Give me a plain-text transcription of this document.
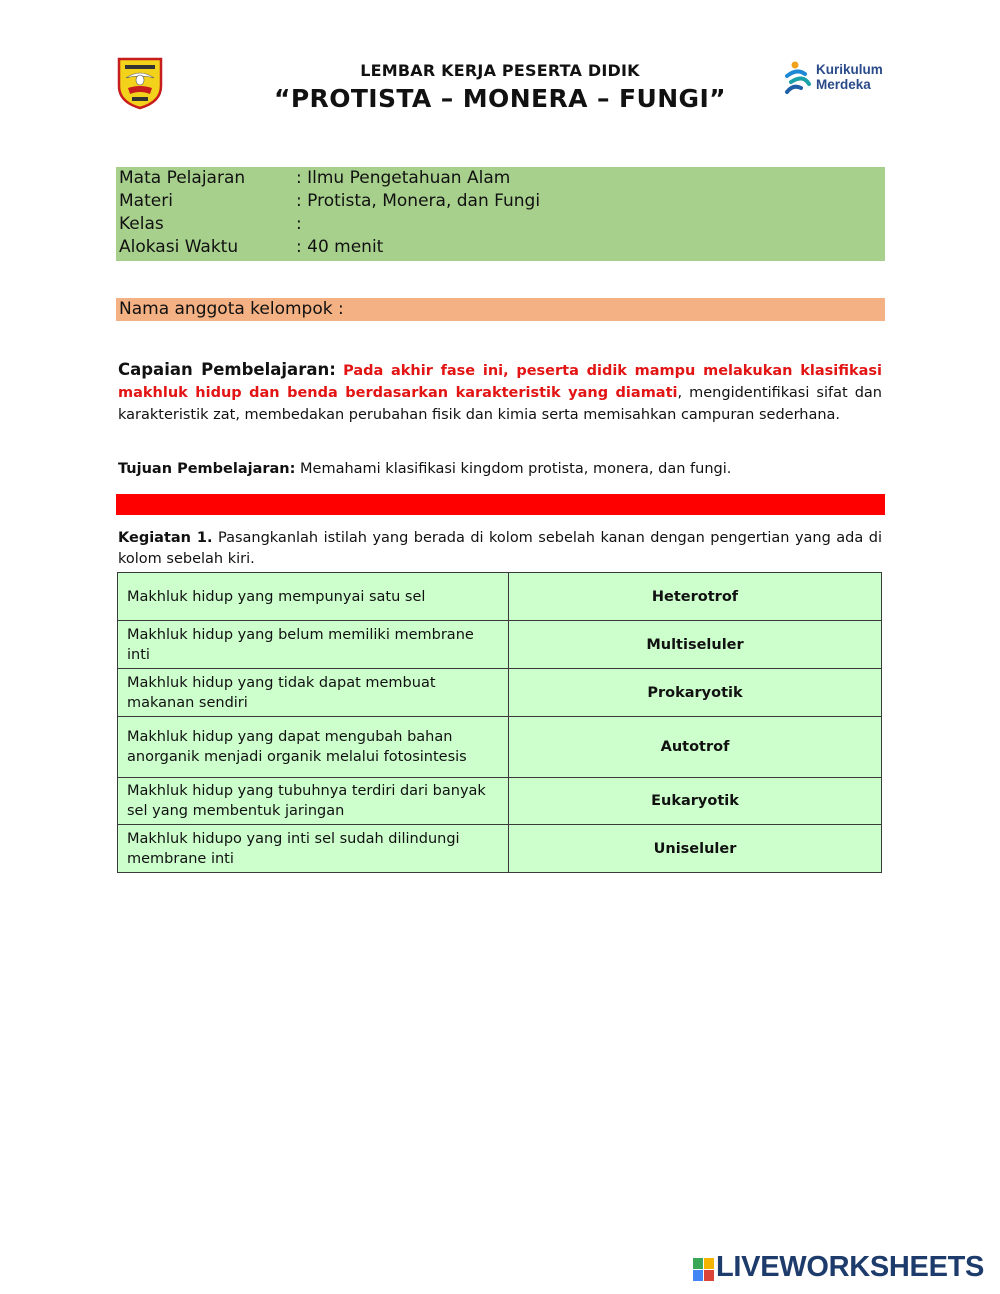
LEMBAR KERJA PESERTA DIDIK
“PROTISTA – MONERA – FUNGI”
Kurikulum
Merdeka
Mata Pelajaran	: Ilmu Pengetahuan Alam
Materi	: Protista, Monera, dan Fungi
Kelas	:
Alokasi Waktu	: 40 menit
Nama anggota kelompok :
Capaian Pembelajaran: Pada akhir fase ini, peserta didik mampu melakukan klasifikasi makhluk hidup dan benda berdasarkan karakteristik yang diamati, mengidentifikasi sifat dan karakteristik zat, membedakan perubahan fisik dan kimia serta memisahkan campuran sederhana.
Tujuan Pembelajaran: Memahami klasifikasi kingdom protista, monera, dan fungi.
Kegiatan 1. Pasangkanlah istilah yang berada di kolom sebelah kanan dengan pengertian yang ada di kolom sebelah kiri.
Makhluk hidup yang mempunyai satu sel	Heterotrof
Makhluk hidup yang belum memiliki membrane inti	Multiseluler
Makhluk hidup yang tidak dapat membuat makanan sendiri	Prokaryotik
Makhluk hidup yang dapat mengubah bahan anorganik menjadi organik melalui fotosintesis	Autotrof
Makhluk hidup yang tubuhnya terdiri dari banyak sel yang membentuk jaringan	Eukaryotik
Makhluk hidupo yang inti sel sudah dilindungi membrane inti	Uniseluler
LIVEWORKSHEETS
